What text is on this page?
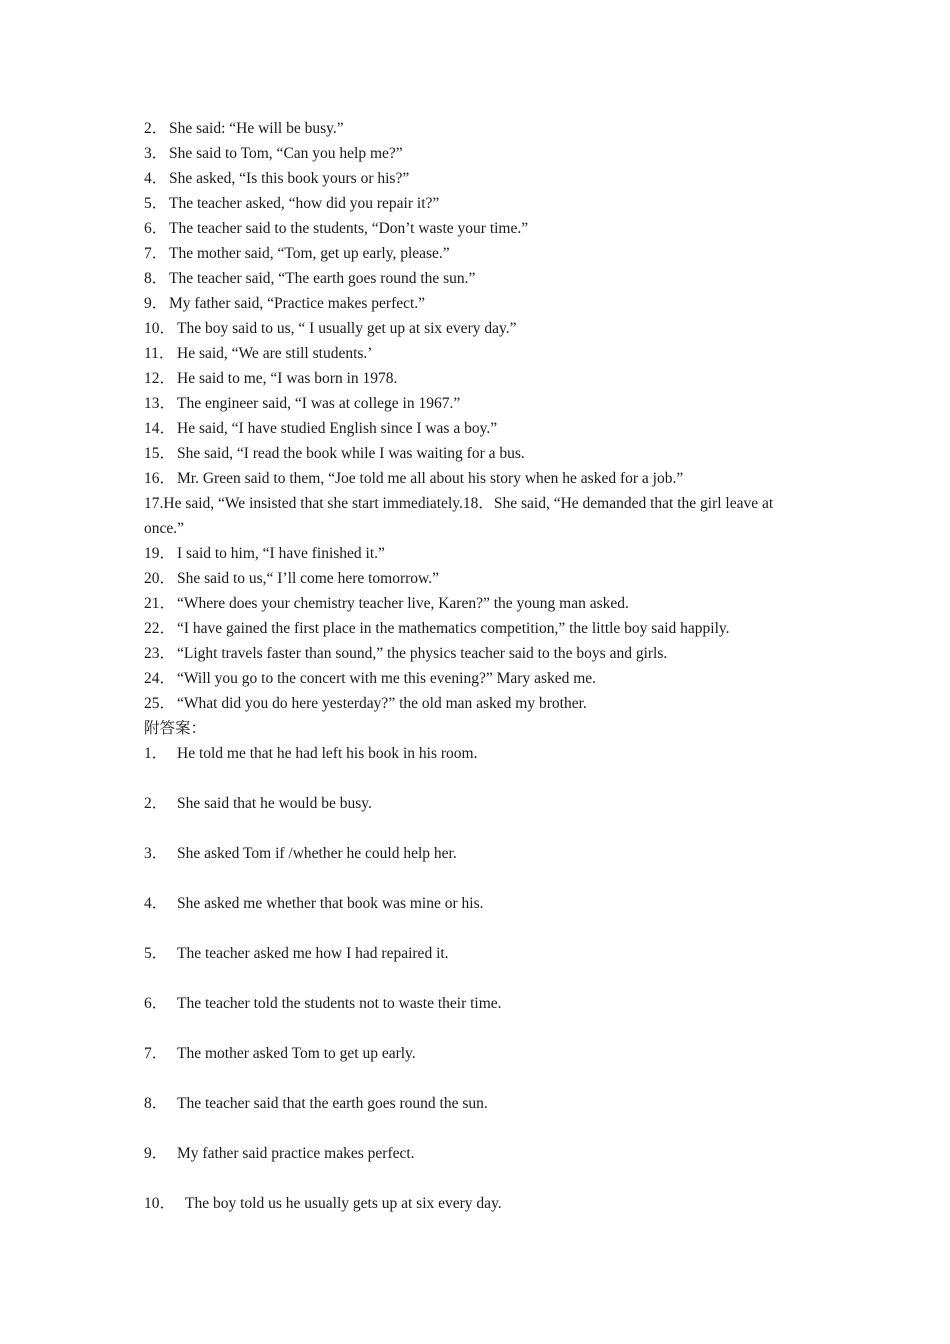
2． She said: “He will be busy.”
3． She said to Tom, “Can you help me?”
4． She asked, “Is this book yours or his?”
5． The teacher asked, “how did you repair it?”
6． The teacher said to the students, “Don’t waste your time.”
7． The mother said, “Tom, get up early, please.”
8． The teacher said, “The earth goes round the sun.”
9． My father said, “Practice makes perfect.”
10． The boy said to us, “ I usually get up at six every day.”
11． He said, “We are still students.’
12． He said to me, “I was born in 1978.
13． The engineer said, “I was at college in 1967.”
14． He said, “I have studied English since I was a boy.”
15． She said, “I read the book while I was waiting for a bus.
16． Mr. Green said to them, “Joe told me all about his story when he asked for a job.”
17.He said, “We insisted that she start immediately.18．She said, “He demanded that the girl leave at once.”
19． I said to him, “I have finished it.”
20． She said to us,“ I’ll come here tomorrow.”
21． “Where does your chemistry teacher live, Karen?” the young man asked.
22． “I have gained the first place in the mathematics competition,” the little boy said happily.
23． “Light travels faster than sound,” the physics teacher said to the boys and girls.
24． “Will you go to the concert with me this evening?” Mary asked me.
25． “What did you do here yesterday?” the old man asked my brother.
附答案：
1． He told me that he had left his book in his room.
2． She said that he would be busy.
3． She asked Tom if /whether he could help her.
4． She asked me whether that book was mine or his.
5． The teacher asked me how I had repaired it.
6． The teacher told the students not to waste their time.
7． The mother asked Tom to get up early.
8． The teacher said that the earth goes round the sun.
9． My father said practice makes perfect.
10． The boy told us he usually gets up at six every day.
